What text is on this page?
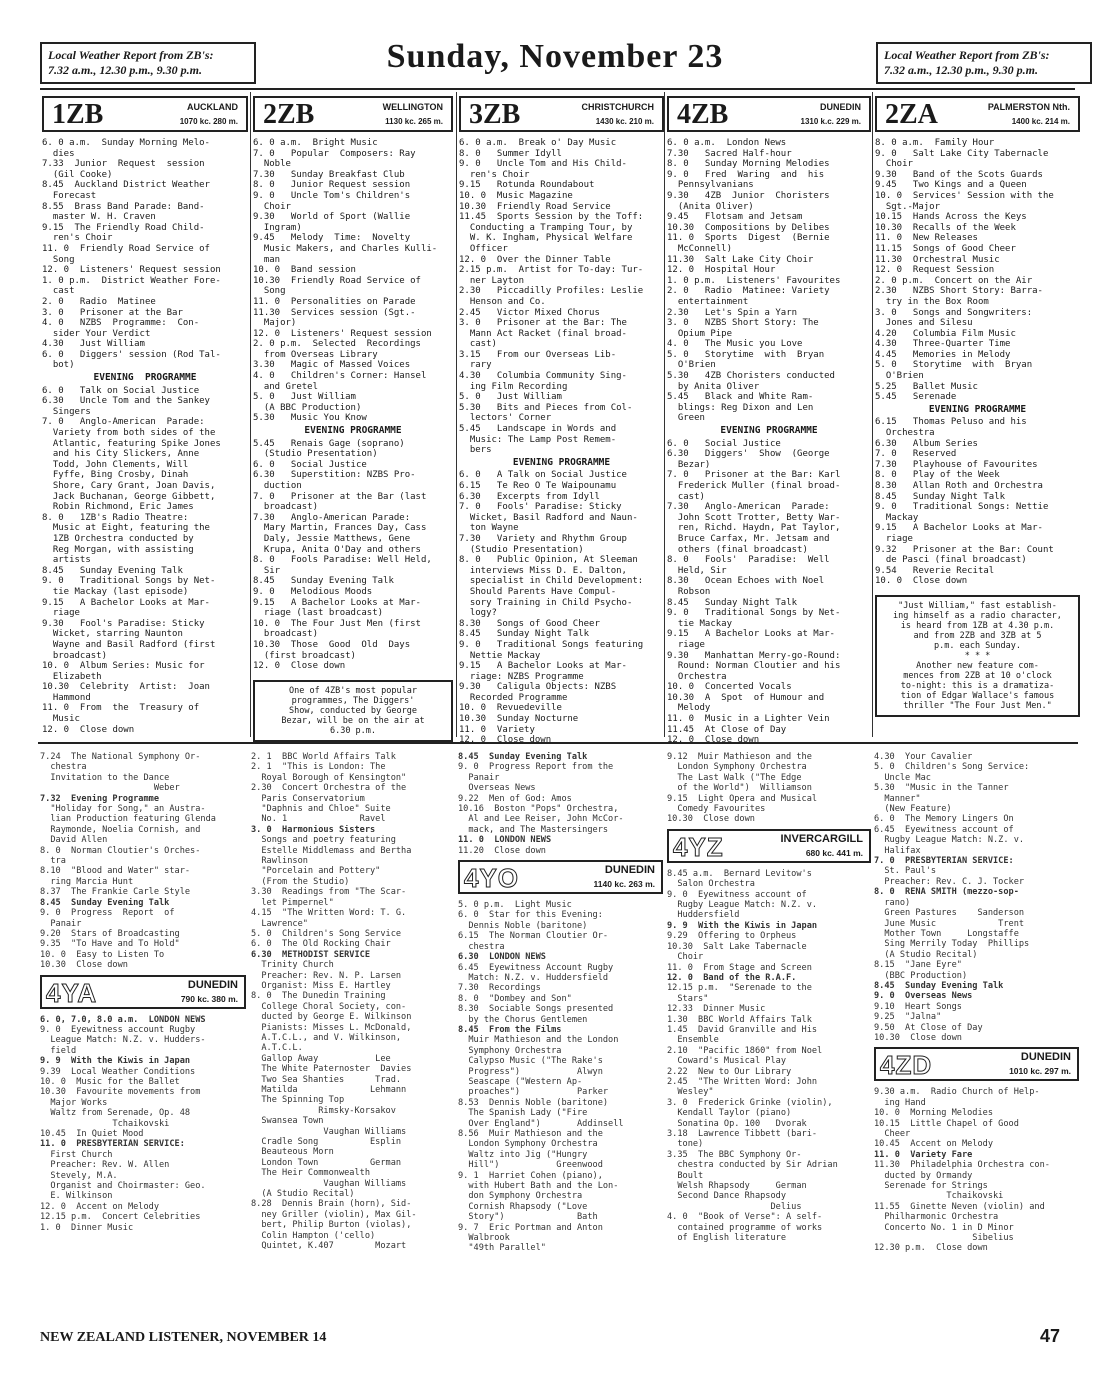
Local Weather Report from ZB's:
7.32 a.m., 12.30 p.m., 9.30 p.m.	Sunday, November 23	Local Weather Report from ZB's:
7.32 a.m., 12.30 p.m., 9.30 p.m.
1ZB	AUCKLAND
1070 kc. 280 m.
6. 0 a.m.  Sunday Morning Melo-
dies
7.33  Junior  Request  session
(Gil Cooke)
8.45  Auckland District Weather
Forecast
8.55  Brass Band Parade: Band-
master W. H. Craven
9.15  The Friendly Road Child-
ren's Choir
11. 0  Friendly Road Service of
Song
12. 0  Listeners' Request session
1. 0 p.m.  District Weather Fore-
cast
2. 0   Radio  Matinee
3. 0   Prisoner at the Bar
4. 0   NZBS  Programme:  Con-
sider Your Verdict
4.30   Just William
6. 0   Diggers' session (Rod Tal-
bot)
EVENING  PROGRAMME
6. 0   Talk on Social Justice
6.30   Uncle Tom and the Sankey
Singers
7. 0   Anglo-American  Parade:
Variety from both sides of the
Atlantic, featuring Spike Jones
and his City Slickers, Anne
Todd, John Clements, Will
Fyffe, Bing Crosby, Dinah
Shore, Cary Grant, Joan Davis,
Jack Buchanan, George Gibbett,
Robin Richmond, Eric James
8. 0   1ZB's Radio Theatre:
Music at Eight, featuring the
1ZB Orchestra conducted by
Reg Morgan, with assisting
artists
8.45   Sunday Evening Talk
9. 0   Traditional Songs by Net-
tie Mackay (last episode)
9.15   A Bachelor Looks at Mar-
riage
9.30   Fool's Paradise: Sticky
Wicket, starring Naunton
Wayne and Basil Radford (first
broadcast)
10. 0  Album Series: Music for
Elizabeth
10.30  Celebrity  Artist:  Joan
Hammond
11. 0  From  the  Treasury of
Music
12. 0  Close down
2ZB	WELLINGTON
1130 kc. 265 m.
6. 0 a.m.  Bright Music
7. 0   Popular  Composers: Ray
Noble
7.30   Sunday Breakfast Club
8. 0   Junior Request session
9. 0   Uncle Tom's Children's
Choir
9.30   World of Sport (Wallie
Ingram)
9.45   Melody  Time:  Novelty
Music Makers, and Charles Kulli-
man
10. 0  Band session
10.30  Friendly Road Service of
Song
11. 0  Personalities on Parade
11.30  Services session (Sgt.-
Major)
12. 0  Listeners' Request session
2. 0 p.m.  Selected  Recordings
from Overseas Library
3.30   Magic of Massed Voices
4. 0   Children's Corner: Hansel
and Gretel
5. 0   Just William
(A BBC Production)
5.30   Music You Know
EVENING PROGRAMME
5.45   Renais Gage (soprano)
(Studio Presentation)
6. 0   Social Justice
6.30   Superstition: NZBS Pro-
duction
7. 0   Prisoner at the Bar (last
broadcast)
7.30   Anglo-American Parade:
Mary Martin, Frances Day, Cass
Daly, Jessie Matthews, Gene
Krupa, Anita O'Day and others
8. 0   Fools Paradise: Well Held,
Sir
8.45   Sunday Evening Talk
9. 0   Melodious Moods
9.15   A Bachelor Looks at Mar-
riage (last broadcast)
10. 0  The Four Just Men (first
broadcast)
10.30  Those  Good  Old  Days
(first broadcast)
12. 0  Close down
One of 4ZB's most popular
programmes, The Diggers'
Show, conducted by George
Bezar, will be on the air at
6.30 p.m.
3ZB	CHRISTCHURCH
1430 kc. 210 m.
6. 0 a.m.  Break o' Day Music
8. 0   Summer Idyll
9. 0   Uncle Tom and His Child-
ren's Choir
9.15   Rotunda Roundabout
10. 0  Music Magazine
10.30  Friendly Road Service
11.45  Sports Session by the Toff:
Conducting a Tramping Tour, by
W. K. Ingham, Physical Welfare
Officer
12. 0  Over the Dinner Table
2.15 p.m.  Artist for To-day: Tur-
ner Layton
2.30   Piccadilly Profiles: Leslie
Henson and Co.
2.45   Victor Mixed Chorus
3. 0   Prisoner at the Bar: The
Mann Act Racket (final broad-
cast)
3.15   From our Overseas Lib-
rary
4.30   Columbia Community Sing-
ing Film Recording
5. 0   Just William
5.30   Bits and Pieces from Col-
lectors' Corner
5.45   Landscape in Words and
Music: The Lamp Post Remem-
bers
EVENING PROGRAMME
6. 0   A Talk on Social Justice
6.15   Te Reo O Te Waipounamu
6.30   Excerpts from Idyll
7. 0   Fools' Paradise: Sticky
Wicket, Basil Radford and Naun-
ton Wayne
7.30   Variety and Rhythm Group
(Studio Presentation)
8. 0   Public Opinion, At Sleeman
interviews Miss D. E. Dalton,
specialist in Child Development:
Should Parents Have Compul-
sory Training in Child Psycho-
logy?
8.30   Songs of Good Cheer
8.45   Sunday Night Talk
9. 0   Traditional Songs featuring
Nettie Mackay
9.15   A Bachelor Looks at Mar-
riage: NZBS Programme
9.30   Caligula Objects: NZBS
Recorded Programme
10. 0  Revuedeville
10.30  Sunday Nocturne
11. 0  Variety
12. 0  Close down
4ZB	DUNEDIN
1310 k.c. 229 m.
6. 0 a.m.  London News
7.30   Sacred Half-hour
8. 0   Sunday Morning Melodies
9. 0   Fred  Waring  and  his
Pennsylvanians
9.30   4ZB  Junior  Choristers
(Anita Oliver)
9.45   Flotsam and Jetsam
10.30  Compositions by Delibes
11. 0  Sports  Digest  (Bernie
McConnell)
11.30  Salt Lake City Choir
12. 0  Hospital Hour
1. 0 p.m.  Listeners' Favourites
2. 0   Radio  Matinee: Variety
entertainment
2.30   Let's Spin a Yarn
3. 0   NZBS Short Story: The
Opium Pipe
4. 0   The Music you Love
5. 0   Storytime  with  Bryan
O'Brien
5.30   4ZB Choristers conducted
by Anita Oliver
5.45   Black and White Ram-
blings: Reg Dixon and Len
Green
EVENING PROGRAMME
6. 0   Social Justice
6.30   Diggers'  Show  (George
Bezar)
7. 0   Prisoner at the Bar: Karl
Frederick Muller (final broad-
cast)
7.30   Anglo-American  Parade:
John Scott Trotter, Betty War-
ren, Richd. Haydn, Pat Taylor,
Bruce Carfax, Mr. Jetsam and
others (final broadcast)
8. 0   Fools'  Paradise:  Well
Held, Sir
8.30   Ocean Echoes with Noel
Robson
8.45   Sunday Night Talk
9. 0   Traditional Songs by Net-
tie Mackay
9.15   A Bachelor Looks at Mar-
riage
9.30   Manhattan Merry-go-Round:
Round: Norman Cloutier and his
Orchestra
10. 0  Concerted Vocals
10.30  A  Spot  of Humour and
Melody
11. 0  Music in a Lighter Vein
11.45  At Close of Day
12. 0  Close down
2ZA	PALMERSTON Nth.
1400 kc. 214 m.
8. 0 a.m.  Family Hour
9. 0   Salt Lake City Tabernacle
Choir
9.30   Band of the Scots Guards
9.45   Two Kings and a Queen
10. 0  Services' Session with the
Sgt.-Major
10.15  Hands Across the Keys
10.30  Recalls of the Week
11. 0  New Releases
11.15  Songs of Good Cheer
11.30  Orchestral Music
12. 0  Request Session
2. 0 p.m.  Concert on the Air
2.30   NZBS Short Story: Barra-
try in the Box Room
3. 0   Songs and Songwriters:
Jones and Silesu
4.20   Columbia Film Music
4.30   Three-Quarter Time
4.45   Memories in Melody
5. 0   Storytime  with  Bryan
O'Brien
5.25   Ballet Music
5.45   Serenade
EVENING PROGRAMME
6.15   Thomas Peluso and his
Orchestra
6.30   Album Series
7. 0   Reserved
7.30   Playhouse of Favourites
8. 0   Play of the Week
8.30   Allan Roth and Orchestra
8.45   Sunday Night Talk
9. 0   Traditional Songs: Nettie
Mackay
9.15   A Bachelor Looks at Mar-
riage
9.32   Prisoner at the Bar: Count
de Pasci (final broadcast)
9.54   Reverie Recital
10. 0  Close down
"Just William," fast establish-
ing himself as a radio character,
is heard from 1ZB at 4.30 p.m.
and from 2ZB and 3ZB at 5
p.m. each Sunday.
* * *
Another new feature com-
mences from 2ZB at 10 o'clock
to-night: this is a dramatiza-
tion of Edgar Wallace's famous
thriller "The Four Just Men."
7.24  The National Symphony Or-
chestra
Invitation to the Dance
Weber
7.32  Evening Programme
"Holiday for Song," an Austra-
lian Production featuring Glenda
Raymonde, Noelia Cornish, and
David Allen
8. 0  Norman Cloutier's Orches-
tra
8.10  "Blood and Water" star-
ring Marcia Hunt
8.37  The Frankie Carle Style
8.45  Sunday Evening Talk
9. 0  Progress  Report  of
Panair
9.20  Stars of Broadcasting
9.35  "To Have and To Hold"
10. 0  Easy to Listen To
10.30  Close down
4YA	DUNEDIN
790 kc. 380 m.
6. 0, 7.0, 8.0 a.m.  LONDON NEWS
9. 0  Eyewitness account Rugby
League Match: N.Z. v. Hudders-
field
9. 9  With the Kiwis in Japan
9.39  Local Weather Conditions
10. 0  Music for the Ballet
10.30  Favourite movements from
Major Works
Waltz from Serenade, Op. 48
Tchaikovski
10.45  In Quiet Mood
11. 0  PRESBYTERIAN SERVICE:
First Church
Preacher: Rev. W. Allen
Stevely, M.A.
Organist and Choirmaster: Geo.
E. Wilkinson
12. 0  Accent on Melody
12.15 p.m.  Concert Celebrities
1. 0  Dinner Music
2. 1  BBC World Affairs Talk
2. 1  "This is London: The
Royal Borough of Kensington"
2.30  Concert Orchestra of the
Paris Conservatorium
"Daphnis and Chloe" Suite
No. 1              Ravel
3. 0  Harmonious Sisters
Songs and poetry featuring
Estelle Middlemass and Bertha
Rawlinson
"Porcelain and Pottery"
(From the Studio)
3.30  Readings from "The Scar-
let Pimpernel"
4.15  "The Written Word: T. G.
Lawrence"
5. 0  Children's Song Service
6. 0  The Old Rocking Chair
6.30  METHODIST SERVICE
Trinity Church
Preacher: Rev. N. P. Larsen
Organist: Miss E. Hartley
8. 0  The Dunedin Training
College Choral Society, con-
ducted by George E. Wilkinson
Pianists: Misses L. McDonald,
A.T.C.L., and V. Wilkinson,
A.T.C.L.
Gallop Away           Lee
The White Paternoster  Davies
Two Sea Shanties      Trad.
Matilda              Lehmann
The Spinning Top
Rimsky-Korsakov
Swansea Town
Vaughan Williams
Cradle Song          Esplin
Beauteous Morn
London Town          German
The Heir Commonwealth
Vaughan Williams
(A Studio Recital)
8.28  Dennis Brain (horn), Sid-
ney Griller (violin), Max Gil-
bert, Philip Burton (violas),
Colin Hampton ('cello)
Quintet, K.407        Mozart
8.45  Sunday Evening Talk
9. 0  Progress Report from the
Panair
Overseas News
9.22  Men of God: Amos
10.16  Boston "Pops" Orchestra,
Al and Lee Reiser, John McCor-
mack, and The Mastersingers
11. 0  LONDON NEWS
11.20  Close down
4YO	DUNEDIN
1140 kc. 263 m.
5. 0 p.m.  Light Music
6. 0  Star for this Evening:
Dennis Noble (baritone)
6.15  The Norman Cloutier Or-
chestra
6.30  LONDON NEWS
6.45  Eyewitness Account Rugby
Match: N.Z. v. Huddersfield
7.30  Recordings
8. 0  "Dombey and Son"
8.30  Sociable Songs presented
by the Chorus Gentlemen
8.45  From the Films
Muir Mathieson and the London
Symphony Orchestra
Calypso Music ("The Rake's
Progress")           Alwyn
Seascape ("Western Ap-
proaches")           Parker
8.53  Dennis Noble (baritone)
The Spanish Lady ("Fire
Over England")       Addinsell
8.56  Muir Mathieson and the
London Symphony Orchestra
Waltz into Jig ("Hungry
Hill")           Greenwood
9. 1  Harriet Cohen (piano),
with Hubert Bath and the Lon-
don Symphony Orchestra
Cornish Rhapsody ("Love
Story")              Bath
9. 7  Eric Portman and Anton
Walbrook
"49th Parallel"
9.12  Muir Mathieson and the
London Symphony Orchestra
The Last Walk ("The Edge
of the World")  Williamson
9.15  Light Opera and Musical
Comedy Favourites
10.30  Close down
4YZ	INVERCARGILL
680 kc. 441 m.
8.45 a.m.  Bernard Levitow's
Salon Orchestra
9. 0  Eyewitness account of
Rugby League Match: N.Z. v.
Huddersfield
9. 9  With the Kiwis in Japan
9.29  Offering to Orpheus
10.30  Salt Lake Tabernacle
Choir
11. 0  From Stage and Screen
12. 0  Band of the R.A.F.
12.15 p.m.  "Serenade to the
Stars"
12.33  Dinner Music
1.30  BBC World Affairs Talk
1.45  David Granville and His
Ensemble
2.10  "Pacific 1860" from Noel
Coward's Musical Play
2.22  New to Our Library
2.45  "The Written Word: John
Wesley"
3. 0  Frederick Grinke (violin),
Kendall Taylor (piano)
Sonatina Op. 100   Dvorak
3.18  Lawrence Tibbett (bari-
tone)
3.35  The BBC Symphony Or-
chestra conducted by Sir Adrian
Boult
Welsh Rhapsody     German
Second Dance Rhapsody
Delius
4. 0  "Book of Verse": A self-
contained programme of works
of English literature
4.30  Your Cavalier
5. 0  Children's Song Service:
Uncle Mac
5.30  "Music in the Tanner
Manner"
(New Feature)
6. 0  The Memory Lingers On
6.45  Eyewitness account of
Rugby League Match: N.Z. v.
Halifax
7. 0  PRESBYTERIAN SERVICE:
St. Paul's
Preacher: Rev. C. J. Tocker
8. 0  RENA SMITH (mezzo-sop-
rano)
Green Pastures    Sanderson
June Music            Trent
Mother Town     Longstaffe
Sing Merrily Today  Phillips
(A Studio Recital)
8.15  "Jane Eyre"
(BBC Production)
8.45  Sunday Evening Talk
9. 0  Overseas News
9.10  Heart Songs
9.25  "Jalna"
9.50  At Close of Day
10.30  Close down
4ZD	DUNEDIN
1010 kc. 297 m.
9.30 a.m.  Radio Church of Help-
ing Hand
10. 0  Morning Melodies
10.15  Little Chapel of Good
Cheer
10.45  Accent on Melody
11. 0  Variety Fare
11.30  Philadelphia Orchestra con-
ducted by Ormandy
Serenade for Strings
Tchaikovski
11.55  Ginette Neven (violin) and
Philharmonic Orchestra
Concerto No. 1 in D Minor
Sibelius
12.30 p.m.  Close down
NEW ZEALAND LISTENER, NOVEMBER 14	47
